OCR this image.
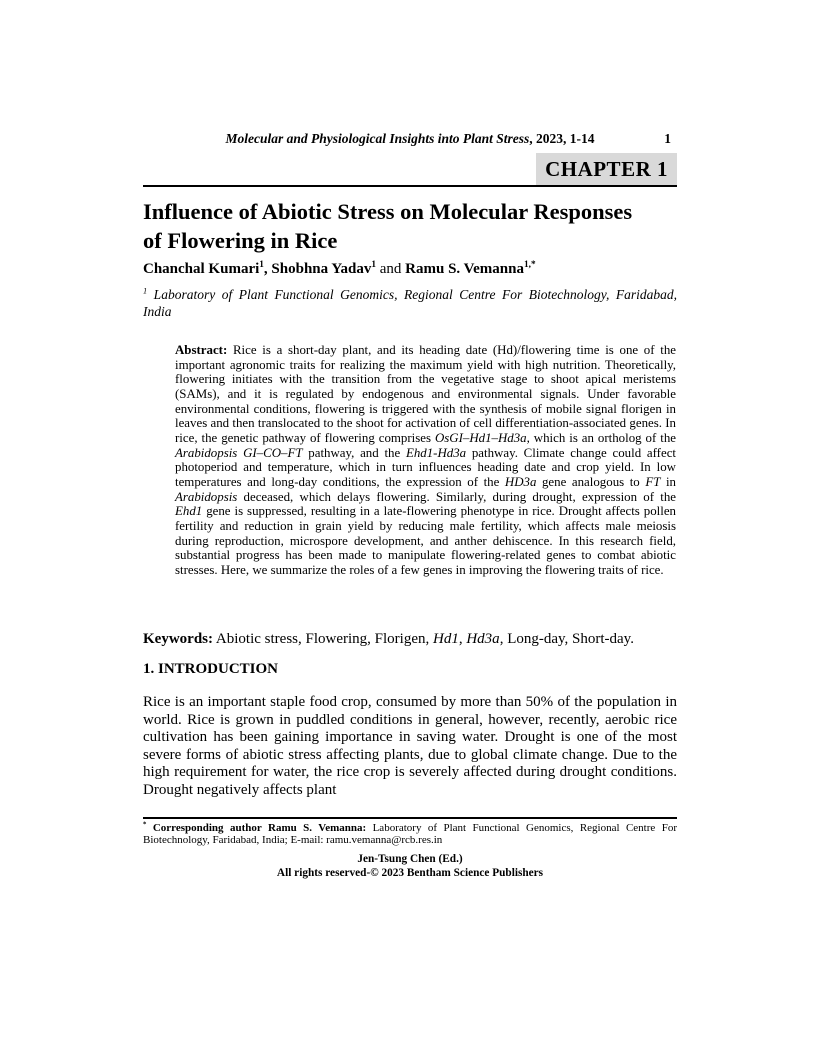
Molecular and Physiological Insights into Plant Stress, 2023, 1-14	1
CHAPTER 1
Influence of Abiotic Stress on Molecular Responses
of Flowering in Rice
Chanchal Kumari$^1$, Shobhna Yadav$^1$ and Ramu S. Vemanna$^{1,*}$
$^1$ Laboratory of Plant Functional Genomics, Regional Centre For Biotechnology, Faridabad,
India
Abstract: Rice is a short-day plant, and its heading date (Hd)/flowering time is one of the important agronomic traits for realizing the maximum yield with high nutrition. Theoretically, flowering initiates with the transition from the vegetative stage to shoot apical meristems (SAMs), and it is regulated by endogenous and environmental signals. Under favorable environmental conditions, flowering is triggered with the synthesis of mobile signal florigen in leaves and then translocated to the shoot for activation of cell differentiation-associated genes. In rice, the genetic pathway of flowering comprises OsGI–Hd1–Hd3a, which is an ortholog of the Arabidopsis GI–CO–FT pathway, and the Ehd1-Hd3a pathway. Climate change could affect photoperiod and temperature, which in turn influences heading date and crop yield. In low temperatures and long-day conditions, the expression of the HD3a gene analogous to FT in Arabidopsis deceased, which delays flowering. Similarly, during drought, expression of the Ehd1 gene is suppressed, resulting in a late-flowering phenotype in rice. Drought affects pollen fertility and reduction in grain yield by reducing male fertility, which affects male meiosis during reproduction, microspore development, and anther dehiscence. In this research field, substantial progress has been made to manipulate flowering-related genes to combat abiotic stresses. Here, we summarize the roles of a few genes in improving the flowering traits of rice.
Keywords: Abiotic stress, Flowering, Florigen, Hd1, Hd3a, Long-day, Short-day.
1. INTRODUCTION
Rice is an important staple food crop, consumed by more than 50% of the population in world. Rice is grown in puddled conditions in general, however, recently, aerobic rice cultivation has been gaining importance in saving water. Drought is one of the most severe forms of abiotic stress affecting plants, due to global climate change. Due to the high requirement for water, the rice crop is severely affected during drought conditions. Drought negatively affects plant
* Corresponding author Ramu S. Vemanna: Laboratory of Plant Functional Genomics, Regional Centre For
Biotechnology, Faridabad, India; E-mail: ramu.vemanna@rcb.res.in
Jen-Tsung Chen (Ed.)
All rights reserved-© 2023 Bentham Science Publishers
